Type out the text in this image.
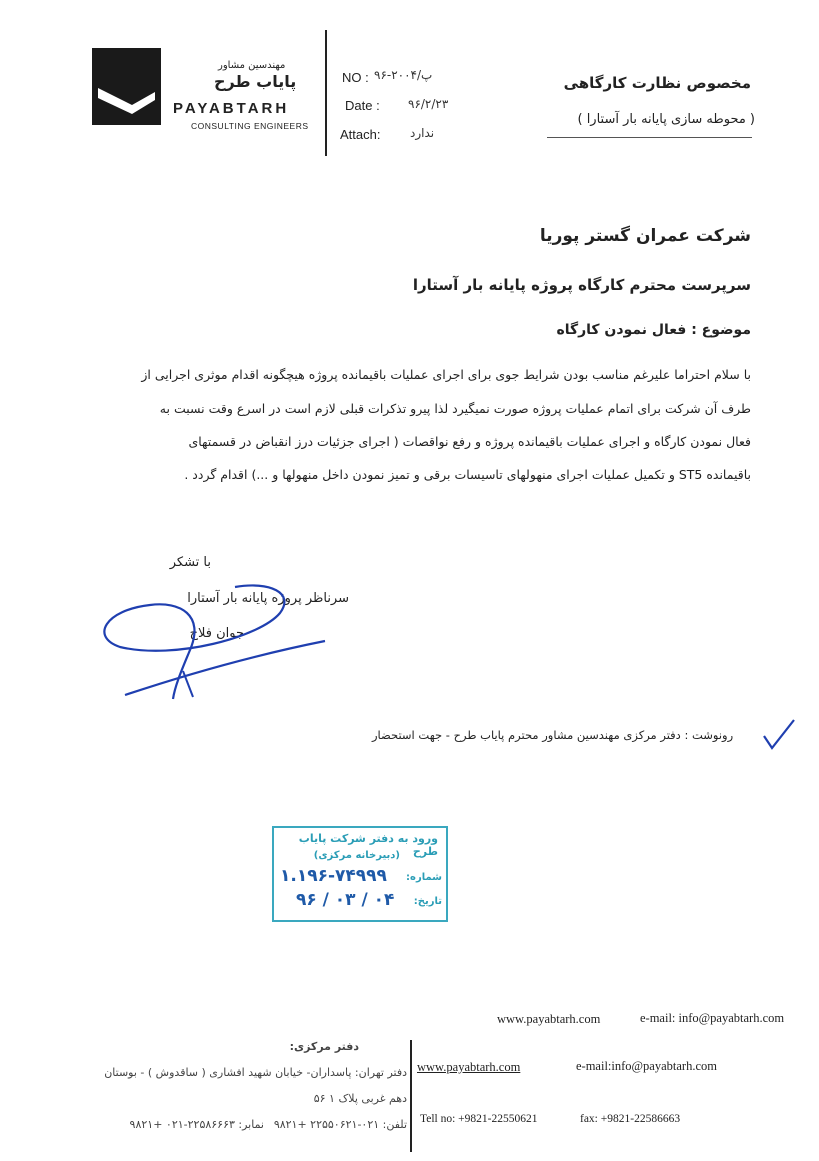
مهندسین مشاور
پایاب طرح
PAYABTARH
CONSULTING ENGINEERS
NO : ۹۶-۲۰۰۴/پ
Date : ۹۶/۲/۲۳
Attach: ندارد
مخصوص نظارت کارگاهی
( محوطه سازی پایانه بار آستارا )
شرکت عمران گستر پوریا
سرپرست محترم کارگاه پروژه پایانه بار آستارا
موضوع : فعال نمودن کارگاه
با سلام احتراما علیرغم مناسب بودن شرایط جوی برای اجرای عملیات باقیمانده پروژه هیچگونه اقدام موثری اجرایی از
طرف آن شرکت برای اتمام عملیات پروژه صورت نمیگیرد لذا پیرو تذکرات قبلی لازم است در اسرع وقت نسبت به
فعال نمودن کارگاه و اجرای عملیات باقیمانده پروژه و رفع نواقصات ( اجرای جزئیات درز انقباض در قسمتهای
باقیمانده ST5 و تکمیل عملیات اجرای منهولهای تاسیسات برقی و تمیز نمودن داخل منهولها و ...) اقدام گردد .
با تشکر
سرناظر پروژه پایانه بار آستارا
جوان فلاح
رونوشت : دفتر مرکزی مهندسین مشاور محترم پایاب طرح - جهت استحضار
ورود به دفتر شرکت پایاب طرح
(دبیرخانه مرکزی)
شماره:
۱.۱۹۶-۷۴۹۹۹
تاریخ:
۹۶ / ۰۳ / ۰۴
www.payabtarh.com	e-mail: info@payabtarh.com
دفتر مرکزی:
دفتر تهران: پاسداران- خیابان شهید افشاری ( ساقدوش ) - بوستان
دهم غربی پلاک ۱ ۵۶
تلفن: ۰۲۱-۲۲۵۵۰۶۲۱ +۹۸۲۱
نمابر: ۲۲۵۸۶۶۶۳-۰۲۱ +۹۸۲۱
www.payabtarh.com	e-mail:info@payabtarh.com
Tell no: +9821-22550621	fax: +9821-22586663
